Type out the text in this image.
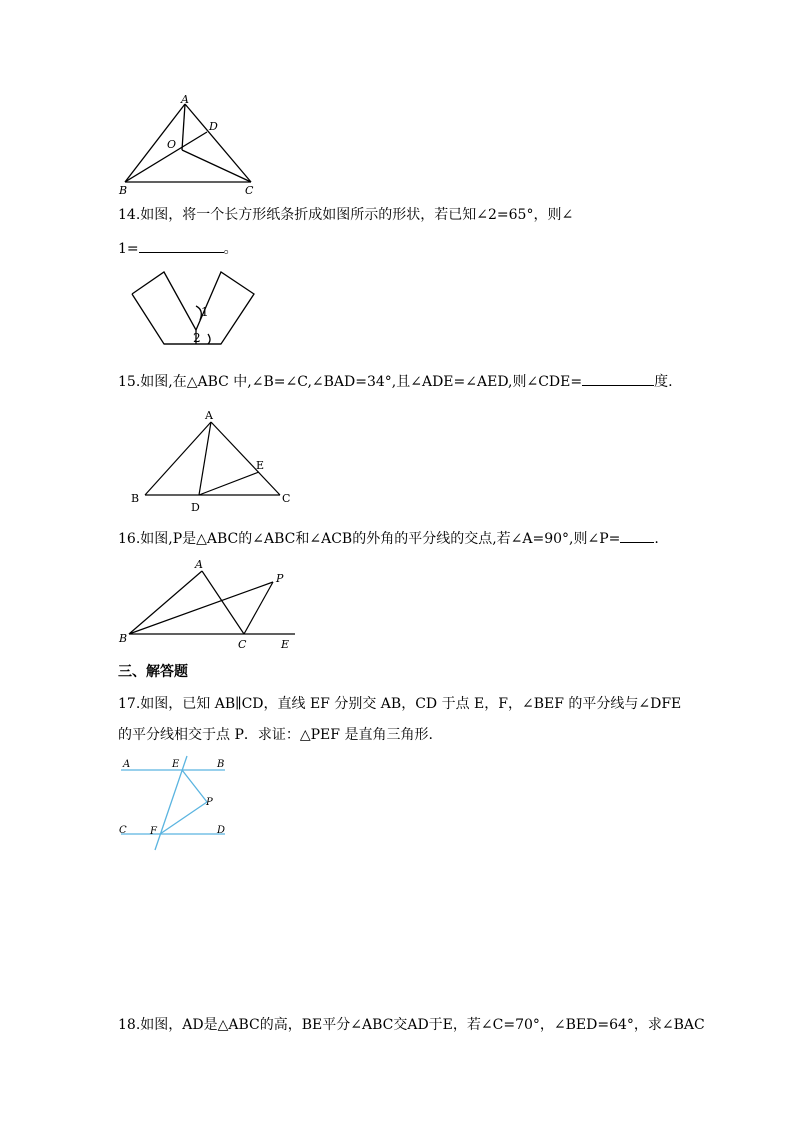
A
D
O
B	C
14.如图，将一个长方形纸条折成如图所示的形状，若已知∠2=65°，则∠
1=	。
1
2
15.如图,在△ABC 中,∠B=∠C,∠BAD=34°,且∠ADE=∠AED,则∠CDE=	度.
A
E
B	C
D
16.如图,P是△ABC的∠ABC和∠ACB的外角的平分线的交点,若∠A=90°,则∠P= .
A
P
B	C	E
三、解答题
17.如图，已知 AB∥CD，直线 EF 分别交 AB，CD 于点 E，F，∠BEF 的平分线与∠DFE
的平分线相交于点 P．求证：△PEF 是直角三角形.
A	E	B
P
C F	D
18.如图，AD是△ABC的高，BE平分∠ABC交AD于E，若∠C=70°，∠BED=64°，求∠BAC
